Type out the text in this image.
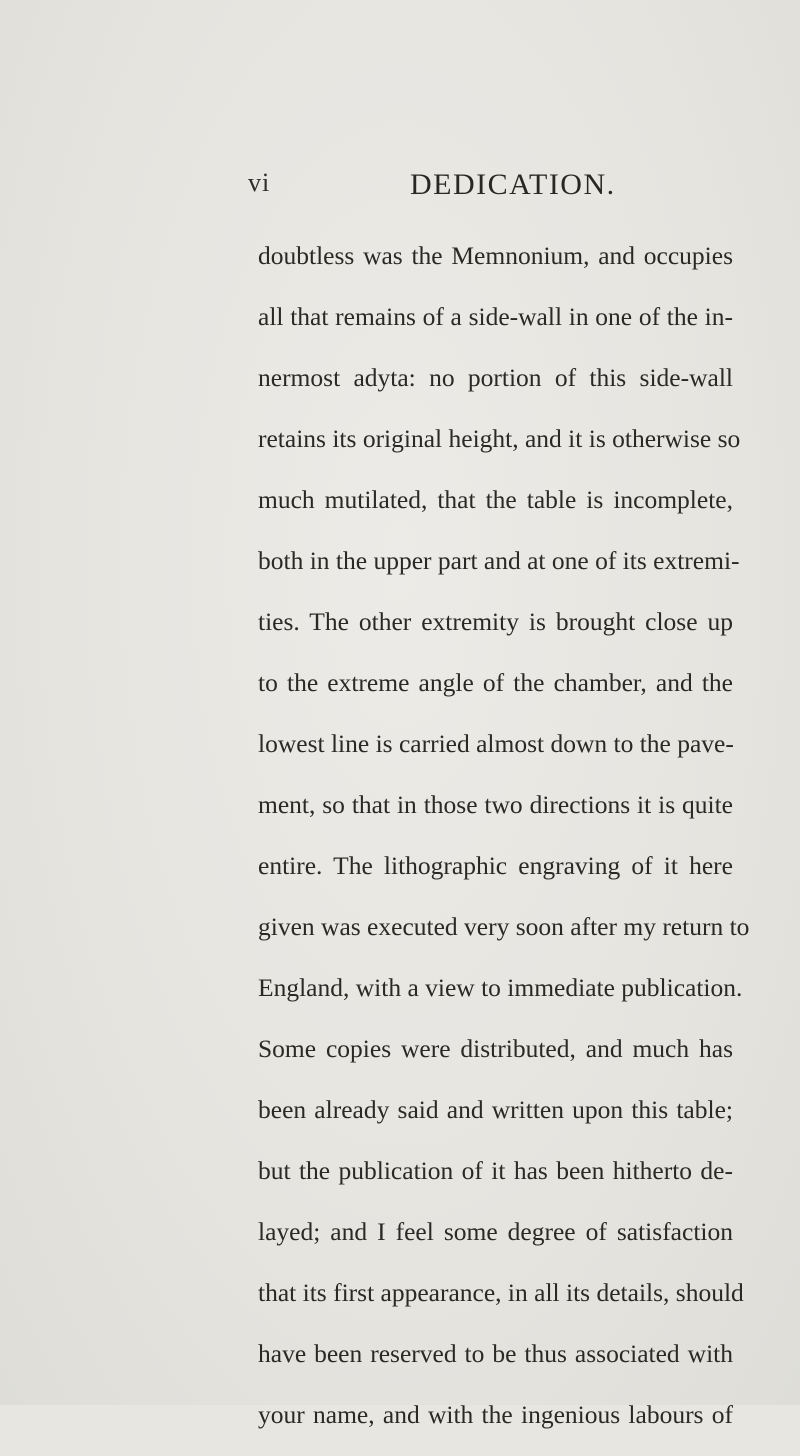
vi	DEDICATION.
doubtless was the Memnonium, and occupies
all that remains of a side-wall in one of the in-
nermost adyta: no portion of this side-wall
retains its original height, and it is otherwise so
much mutilated, that the table is incomplete,
both in the upper part and at one of its extremi-
ties. The other extremity is brought close up
to the extreme angle of the chamber, and the
lowest line is carried almost down to the pave-
ment, so that in those two directions it is quite
entire. The lithographic engraving of it here
given was executed very soon after my return to
England, with a view to immediate publication.
Some copies were distributed, and much has
been already said and written upon this table;
but the publication of it has been hitherto de-
layed; and I feel some degree of satisfaction
that its first appearance, in all its details, should
have been reserved to be thus associated with
your name, and with the ingenious labours of
